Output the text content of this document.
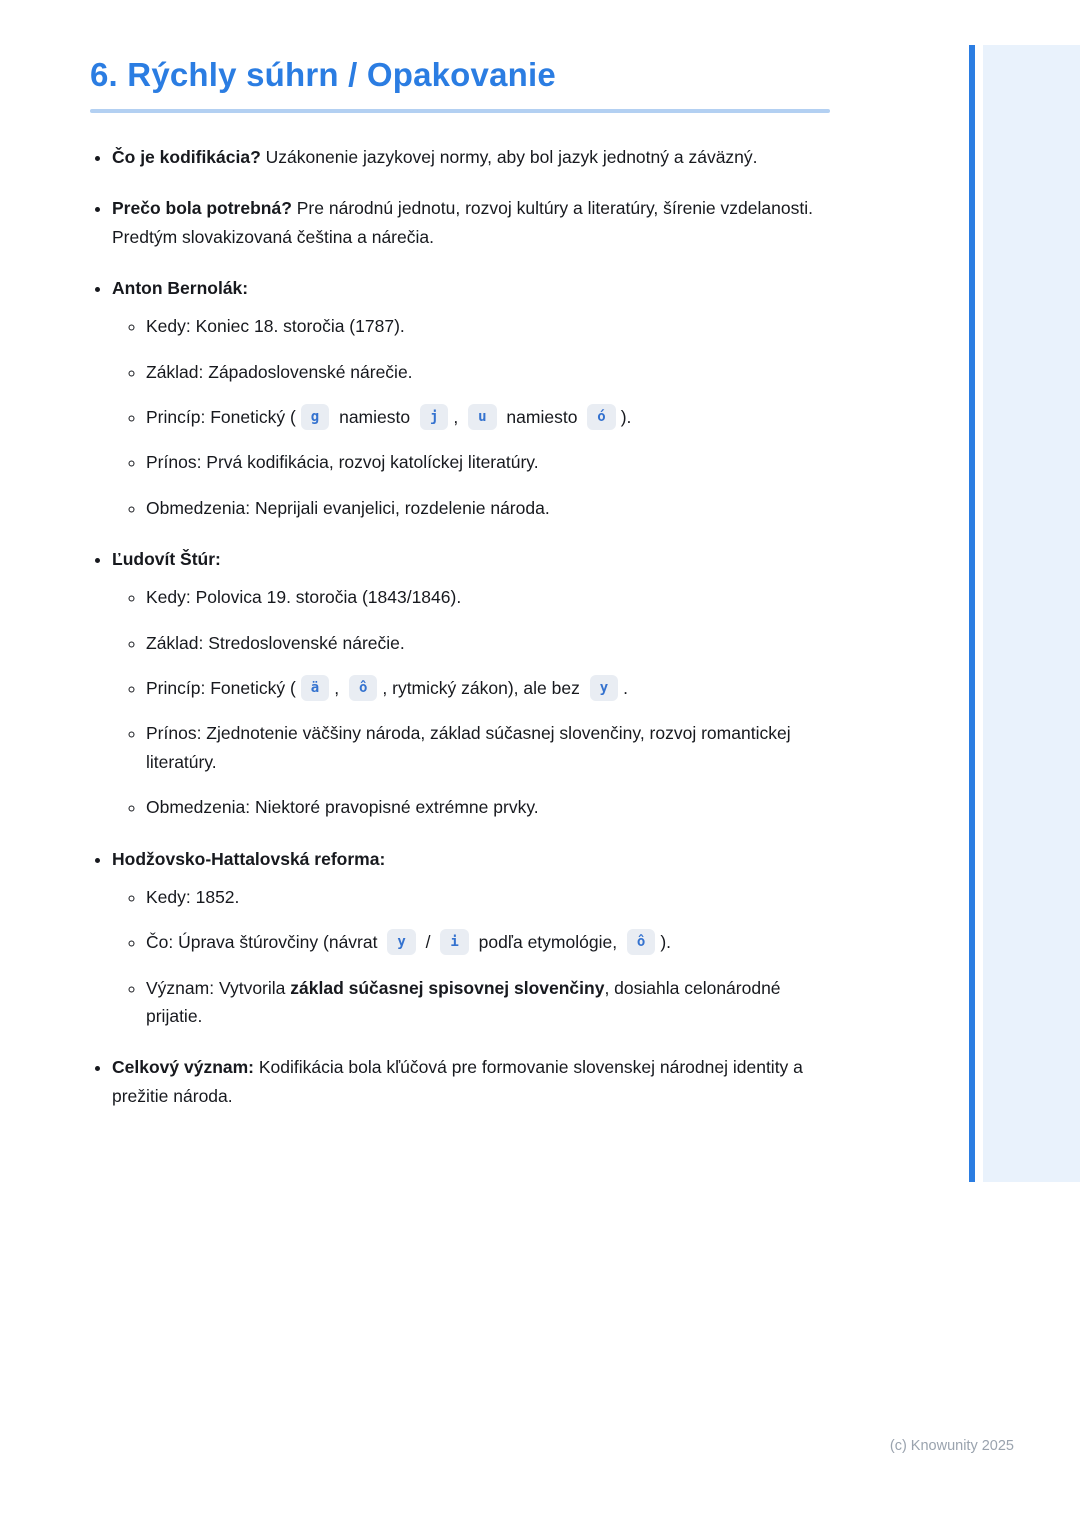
6. Rýchly súhrn / Opakovanie
• Čo je kodifikácia? Uzákonenie jazykovej normy, aby bol jazyk jednotný a záväzný.
• Prečo bola potrebná? Pre národnú jednotu, rozvoj kultúry a literatúry, šírenie vzdelanosti. Predtým slovakizovaná čeština a nárečia.
• Anton Bernolák:
◦ Kedy: Koniec 18. storočia (1787).
◦ Základ: Západoslovenské nárečie.
◦ Princíp: Fonetický ( g namiesto j , u namiesto ó ).
◦ Prínos: Prvá kodifikácia, rozvoj katolíckej literatúry.
◦ Obmedzenia: Neprijali evanjelici, rozdelenie národa.
• Ľudovít Štúr:
◦ Kedy: Polovica 19. storočia (1843/1846).
◦ Základ: Stredoslovenské nárečie.
◦ Princíp: Fonetický ( ä , ô , rytmický zákon), ale bez y .
◦ Prínos: Zjednotenie väčšiny národa, základ súčasnej slovenčiny, rozvoj romantickej literatúry.
◦ Obmedzenia: Niektoré pravopisné extrémne prvky.
• Hodžovsko-Hattalovská reforma:
◦ Kedy: 1852.
◦ Čo: Úprava štúrovčiny (návrat y / i podľa etymológie, ô ).
◦ Význam: Vytvorila základ súčasnej spisovnej slovenčiny, dosiahla celonárodné prijatie.
• Celkový význam: Kodifikácia bola kľúčová pre formovanie slovenskej národnej identity a prežitie národa.
(c) Knowunity 2025
